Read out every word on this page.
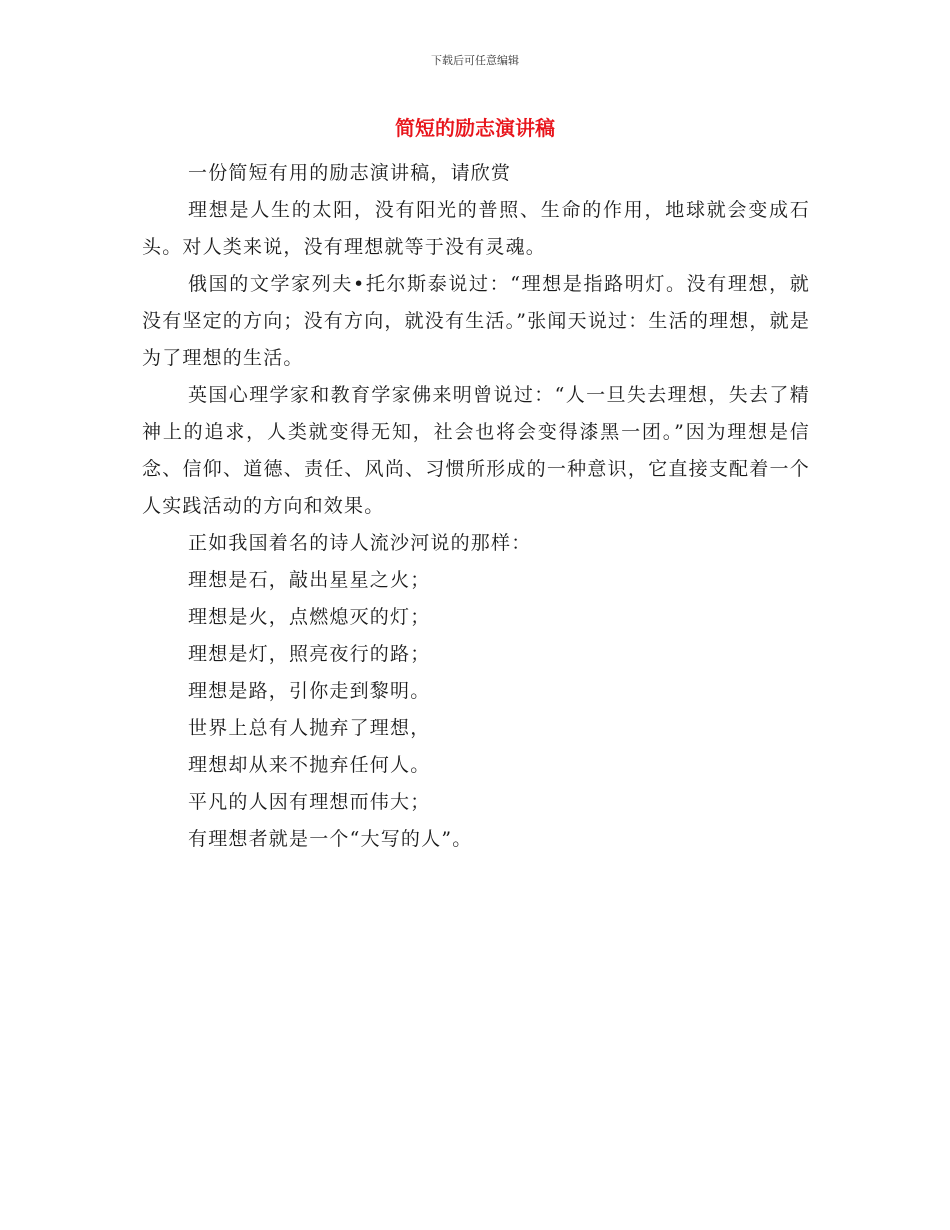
下载后可任意编辑
简短的励志演讲稿

一份简短有用的励志演讲稿，请欣赏

理想是人生的太阳，没有阳光的普照、生命的作用，地球就会变成石头。对人类来说，没有理想就等于没有灵魂。

俄国的文学家列夫•托尔斯泰说过：“理想是指路明灯。没有理想，就没有坚定的方向；没有方向，就没有生活。”张闻天说过：生活的理想，就是为了理想的生活。

英国心理学家和教育学家佛来明曾说过：“人一旦失去理想，失去了精神上的追求，人类就变得无知，社会也将会变得漆黑一团。”因为理想是信念、信仰、道德、责任、风尚、习惯所形成的一种意识，它直接支配着一个人实践活动的方向和效果。

正如我国着名的诗人流沙河说的那样：

理想是石，敲出星星之火；

理想是火，点燃熄灭的灯；

理想是灯，照亮夜行的路；

理想是路，引你走到黎明。

世界上总有人抛弃了理想，

理想却从来不抛弃任何人。

平凡的人因有理想而伟大；

有理想者就是一个“大写的人”。
